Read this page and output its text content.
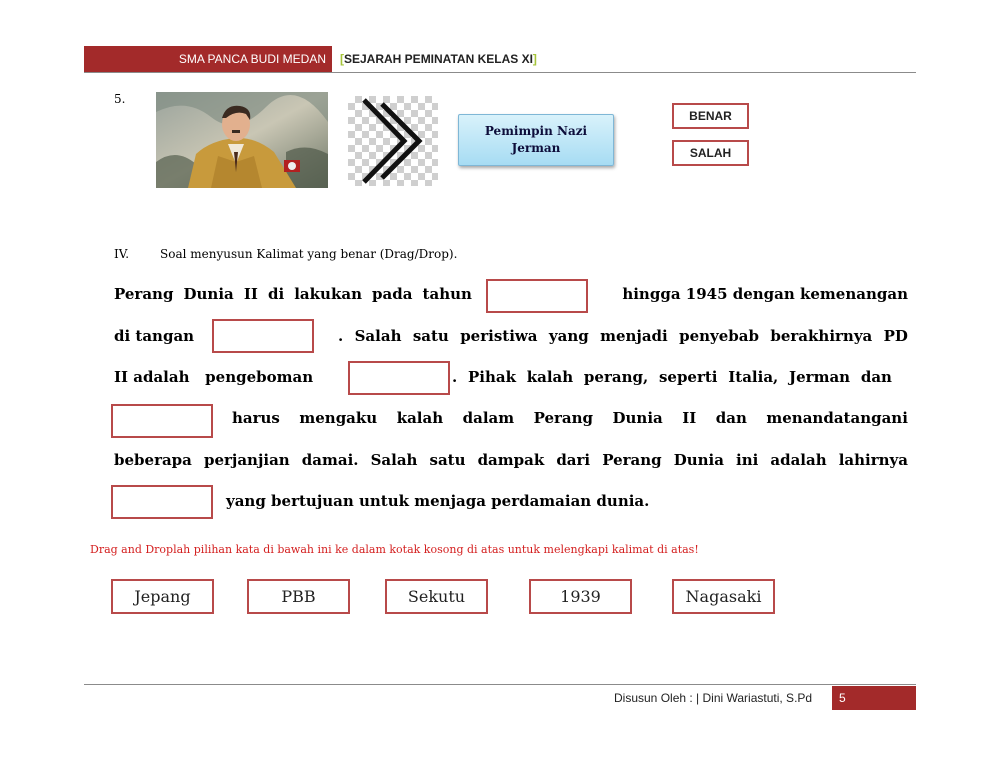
SMA PANCA BUDI MEDAN	[SEJARAH PEMINATAN KELAS XI]
5.
Pemimpin Nazi
Jerman
BENAR
SALAH
IV.	Soal menyusun Kalimat yang benar (Drag/Drop).
Perang Dunia II di lakukan pada tahun	hingga 1945 dengan kemenangan
di tangan	. Salah satu peristiwa yang menjadi penyebab berakhirnya PD
II adalah   pengeboman	. Pihak kalah perang, seperti Italia, Jerman dan
harus mengaku kalah dalam Perang Dunia II dan menandatangani
beberapa perjanjian damai. Salah satu dampak dari Perang Dunia ini adalah lahirnya
yang bertujuan untuk menjaga perdamaian dunia.
Drag and Droplah pilihan kata di bawah ini ke dalam kotak kosong di atas untuk melengkapi kalimat di atas!
Jepang	PBB	Sekutu	1939	Nagasaki
Disusun Oleh : | Dini Wariastuti, S.Pd	5
